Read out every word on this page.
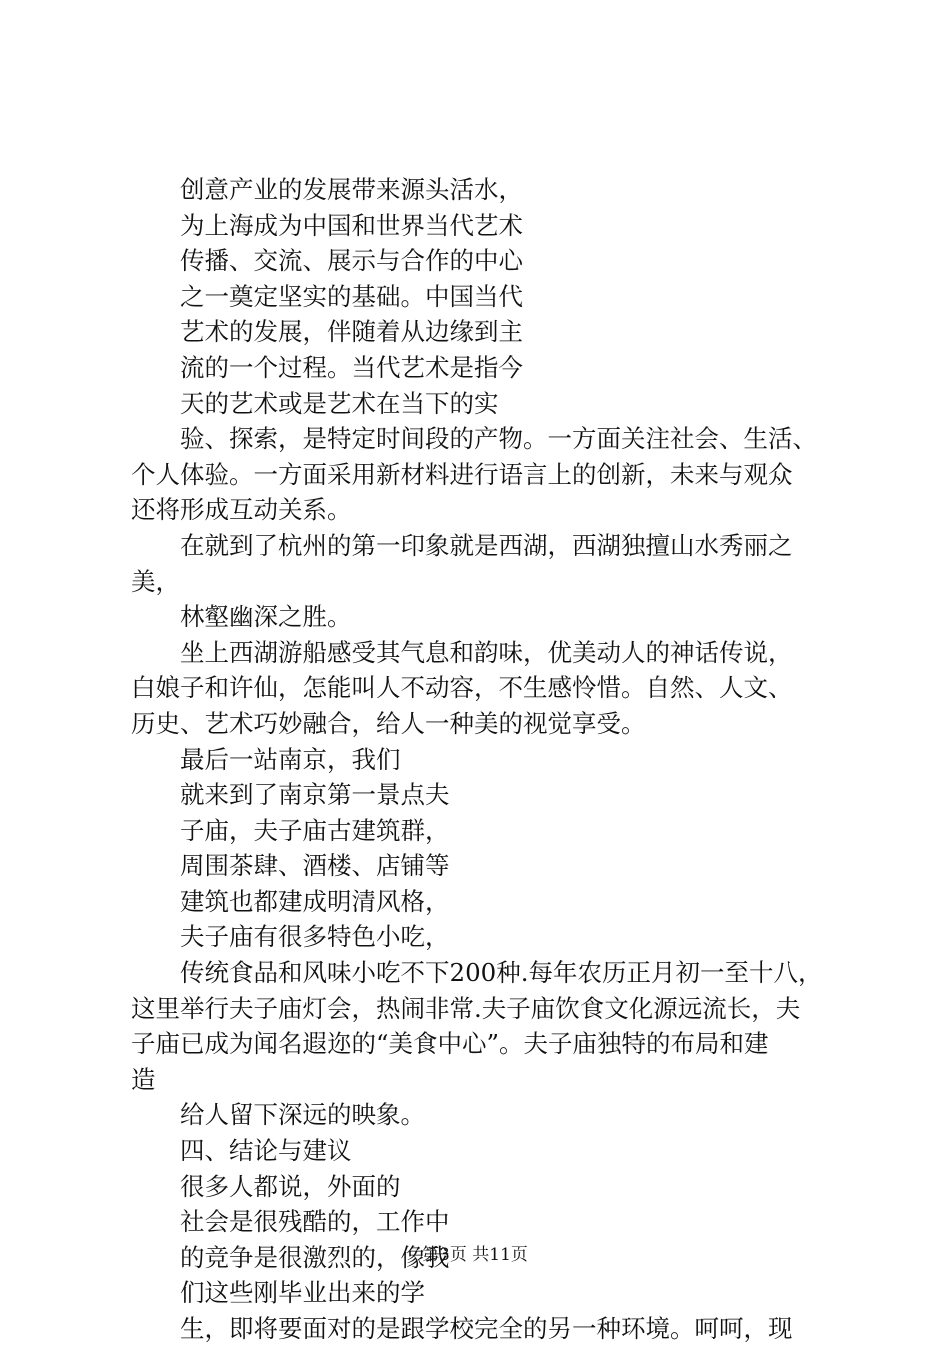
创意产业的发展带来源头活水，
为上海成为中国和世界当代艺术
传播、交流、展示与合作的中心
之一奠定坚实的基础。中国当代
艺术的发展，伴随着从边缘到主
流的一个过程。当代艺术是指今
天的艺术或是艺术在当下的实
验、探索，是特定时间段的产物。一方面关注社会、生活、
个人体验。一方面采用新材料进行语言上的创新，未来与观众
还将形成互动关系。
在就到了杭州的第一印象就是西湖，西湖独擅山水秀丽之
美，
林壑幽深之胜。
坐上西湖游船感受其气息和韵味，优美动人的神话传说，
白娘子和许仙，怎能叫人不动容，不生感怜惜。自然、人文、
历史、艺术巧妙融合，给人一种美的视觉享受。
最后一站南京，我们
就来到了南京第一景点夫
子庙，夫子庙古建筑群，
周围茶肆、酒楼、店铺等
建筑也都建成明清风格，
夫子庙有很多特色小吃，
传统食品和风味小吃不下200种.每年农历正月初一至十八，
这里举行夫子庙灯会，热闹非常.夫子庙饮食文化源远流长，夫
子庙已成为闻名遐迩的“美食中心”。夫子庙独特的布局和建
造
给人留下深远的映象。
四、结论与建议
很多人都说，外面的
社会是很残酷的，工作中
的竞争是很激烈的，像我
们这些刚毕业出来的学
生，即将要面对的是跟学校完全的另一种环境。呵呵，现
第3页 共11页
